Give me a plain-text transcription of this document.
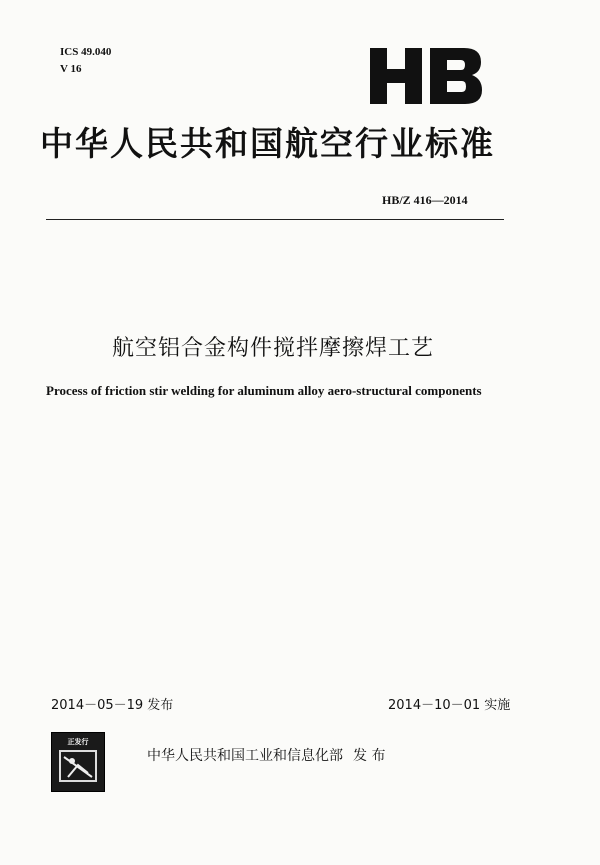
ICS 49.040
V 16
HB
中华人民共和国航空行业标准
HB/Z 416—2014
航空铝合金构件搅拌摩擦焊工艺
Process of friction stir welding for aluminum alloy aero-structural components
2014－05－19 发布	2014－10－01 实施
正发行
中华人民共和国工业和信息化部 发 布
